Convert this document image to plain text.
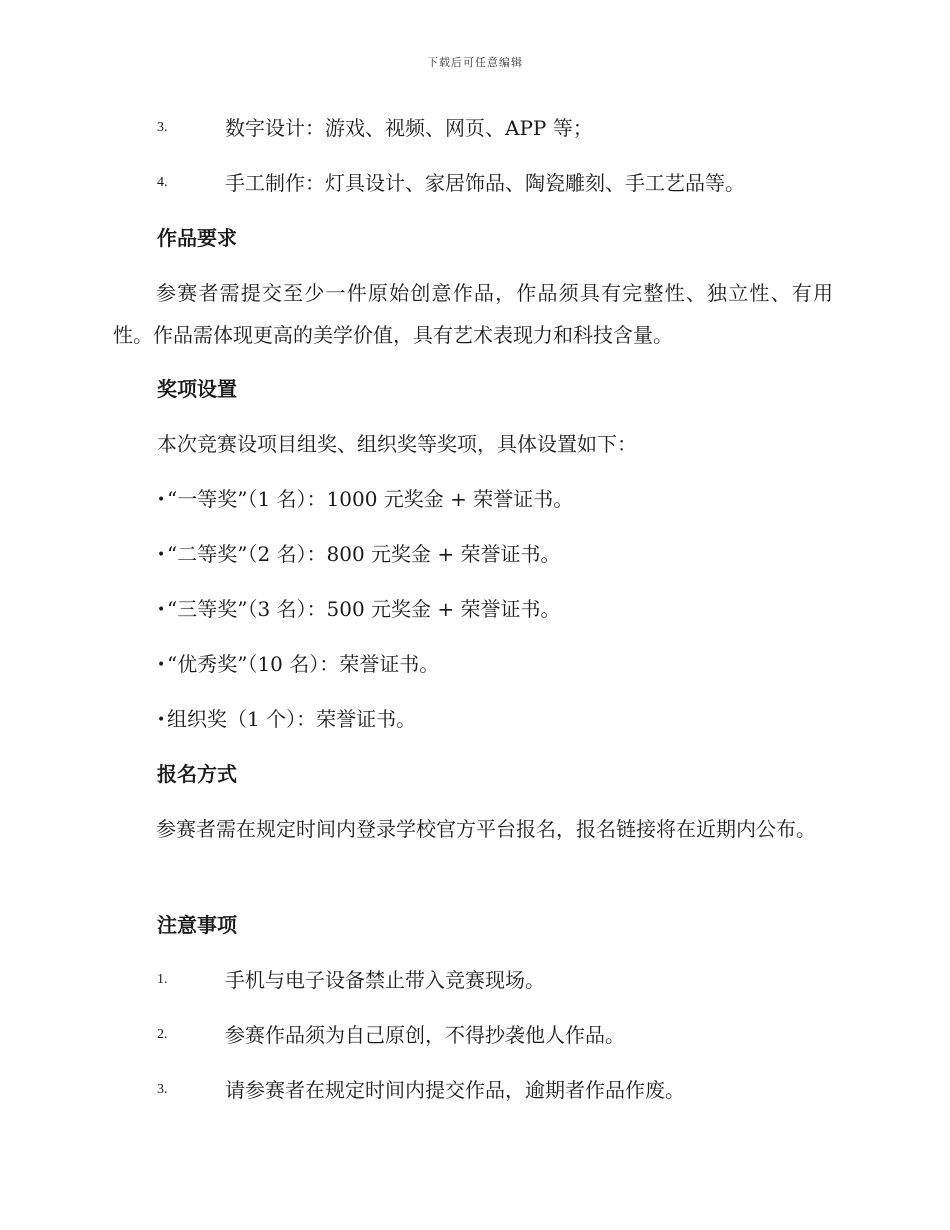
下载后可任意编辑
3.	数字设计：游戏、视频、网页、APP 等；
4.	手工制作：灯具设计、家居饰品、陶瓷雕刻、手工艺品等。
作品要求
参赛者需提交至少一件原始创意作品，作品须具有完整性、独立性、有用性。作品需体现更高的美学价值，具有艺术表现力和科技含量。
奖项设置
本次竞赛设项目组奖、组织奖等奖项，具体设置如下：
•“一等奖”（1 名）：1000 元奖金 + 荣誉证书。
•“二等奖”（2 名）：800 元奖金 + 荣誉证书。
•“三等奖”（3 名）：500 元奖金 + 荣誉证书。
•“优秀奖”（10 名）：荣誉证书。
•组织奖（1 个）：荣誉证书。
报名方式
参赛者需在规定时间内登录学校官方平台报名，报名链接将在近期内公布。
注意事项
1.	手机与电子设备禁止带入竞赛现场。
2.	参赛作品须为自己原创，不得抄袭他人作品。
3.	请参赛者在规定时间内提交作品，逾期者作品作废。
